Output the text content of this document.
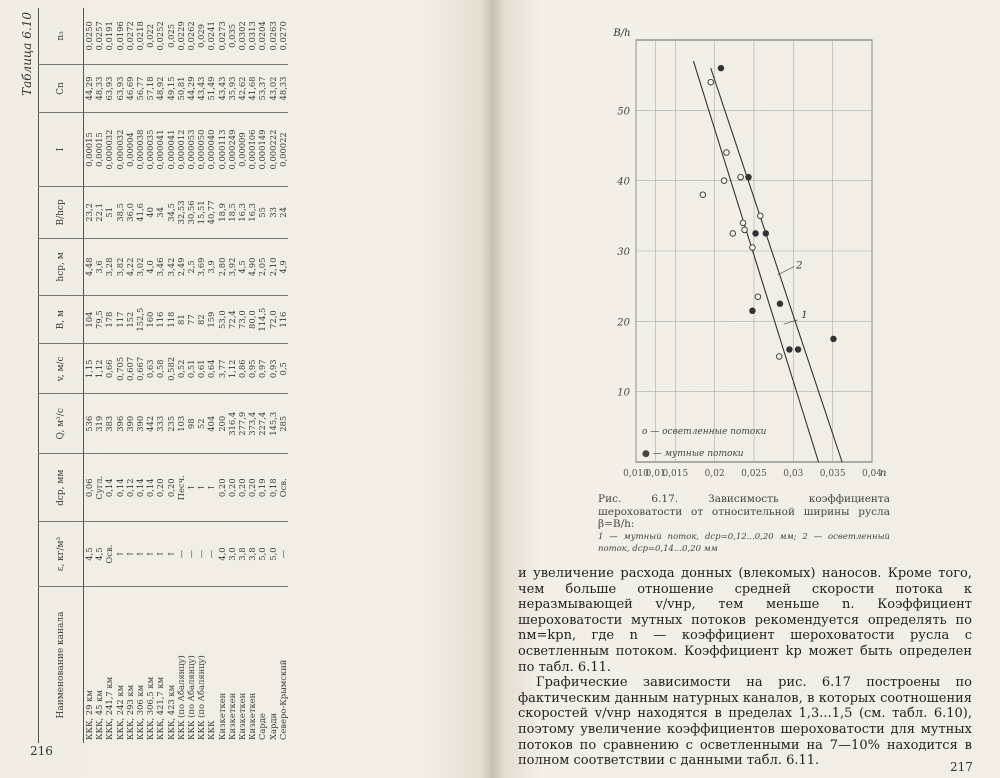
Таблица 6.10
Наименование канала	ε, кг/м³	dср, мм	Q, м³/с	v, м/с	B, м	hср, м	B/hср	I	Cn	n₃
ККК, 29 км	4,5	0,06	536	1,15	104	4,48	23,2	0,00015	44,29	0,0250
ККК, 45 км	4,5	Сугл.	319	1,12	79,5	3,6	22,1	0,00015	48,33	0,0257
ККК, 241,7 км	Осв.	0,14	383	0,66	178	3,28	51	0,000032	63,93	0,0191
ККК, 242 км	↑	0,14	396	0,705	117	3,82	38,5	0,000032	63,93	0,0196
ККК, 293 км	↑	0,12	390	0,607	152	4,22	36,0	0,00004	46,69	0,0272
ККК, 306 км	↑	0,14	390	0,667	152,5	3,02	41,6	0,000038	56,77	0,0218
ККК, 306,5 км	↑	0,14	442	0,63	160	4,0	40	0,000035	57,18	0,022
ККК, 421,7 км	↑	0,20	333	0,58	116	3,46	34	0,000041	48,92	0,0252
ККК, 423 км	↑	0,20	235	0,582	118	3,42	34,5	0,000041	49,15	0,025
ККК (по Абалянцу)	—	Песч.	103	0,52	81	2,49	32,53	0,000012	50,81	0,0229
ККК (по Абалянцу)	—	↑	98	0,51	77	2,5	30,56	0,000053	44,29	0,0262
ККК (по Абалянцу)	—	↑	52	0,61	82	3,69	15,51	0,000050	43,43	0,029
ККК	—	↑	404	0,64	159	3,9	40,77	0,000040	51,49	0,0241
Кизкеткен	4,0	0,20	200	3,77	53,0	2,80	18,9	0,000113	43,43	0,0273
Кизкеткен	3,0	0,20	316,4	1,12	72,4	3,92	18,5	0,000249	35,93	0,035
Кизкеткен	3,8	0,20	277,9	0,86	73,0	4,5	16,3	0,00009	42,62	0,0302
Кизкеткен	3,8	0,20	373,4	0,95	80,0	4,90	16,3	0,000106	41,68	0,0313
Сарде	5,0	0,19	227,4	0,97	114,5	2,05	55	0,000149	53,37	0,0204
Харди	5,0	0,18	145,3	0,93	72,0	2,10	33	0,000222	43,02	0,0263
Северо-Крымский	—	Осв.	285	0,5	116	4,9	24	0,00022	48,33	0,0270
216
10
20
30
40
50
0,010
0,01
0,015 0,02 0,025 0,03 0,035 0,04
B/h
n
1
2
о — осветленные потоки
● — мутные потоки
Рис. 6.17. Зависимость коэффициента шероховатости от относительной ширины русла β=B/h:
1 — мутный поток, dср=0,12...0,20 мм; 2 — осветленный поток, dср=0,14...0,20 мм

и увеличение расхода донных (влекомых) наносов. Кроме того, чем больше отношение средней скорости потока к неразмывающей v/vнр, тем меньше n. Коэффициент шероховатости мутных потоков рекомендуется определять по nм=kрn, где n — коэффициент шероховатости русла с осветленным потоком. Коэффициент kр может быть определен по табл. 6.11.

Графические зависимости на рис. 6.17 построены по фактическим данным натурных каналов, в которых соотношения скоростей v/vнр находятся в пределах 1,3...1,5 (см. табл. 6.10), поэтому увеличение коэффициентов шероховатости для мутных потоков по сравнению с осветленными на 7—10% находится в полном соответствии с данными табл. 6.11.	217
